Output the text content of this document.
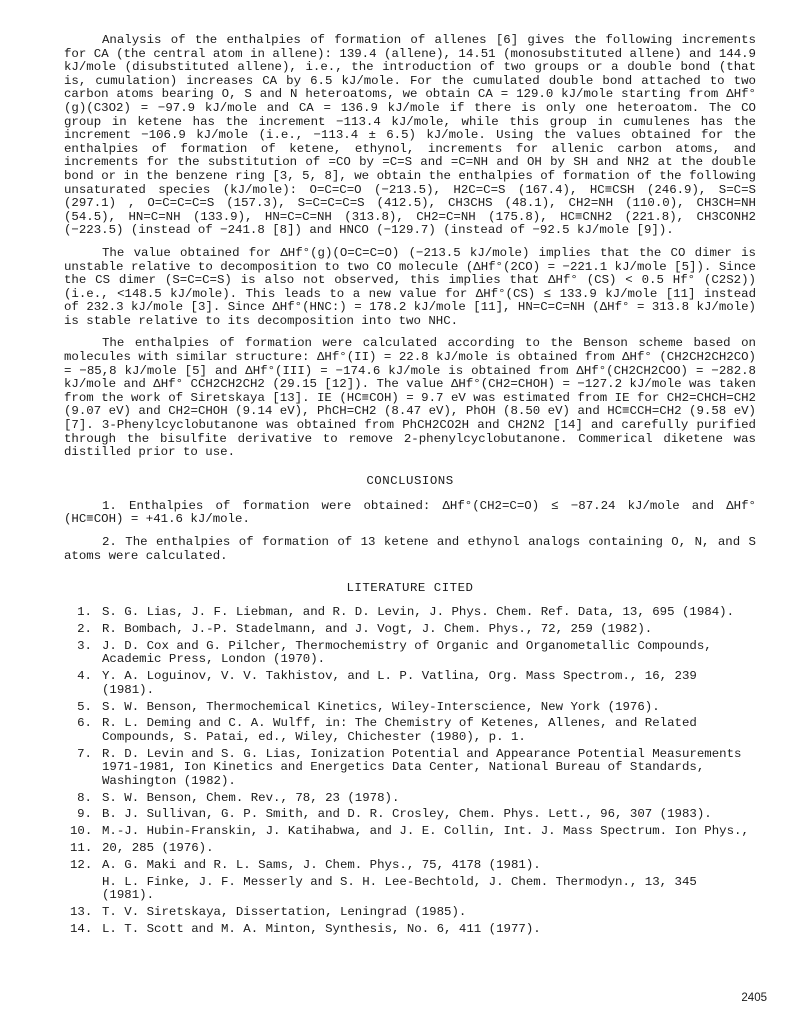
Analysis of the enthalpies of formation of allenes [6] gives the following increments for CA (the central atom in allene): 139.4 (allene), 14.51 (monosubstituted allene) and 144.9 kJ/mole (disubstituted allene), i.e., the introduction of two groups or a double bond (that is, cumulation) increases CA by 6.5 kJ/mole. For the cumulated double bond attached to two carbon atoms bearing O, S and N heteroatoms, we obtain CA = 129.0 kJ/mole starting from ΔHf°(g)(C3O2) = −97.9 kJ/mole and CA = 136.9 kJ/mole if there is only one heteroatom. The CO group in ketene has the increment −113.4 kJ/mole, while this group in cumulenes has the increment −106.9 kJ/mole (i.e., −113.4 ± 6.5) kJ/mole. Using the values obtained for the enthalpies of formation of ketene, ethynol, increments for allenic carbon atoms, and increments for the substitution of =CO by =C=S and =C=NH and OH by SH and NH2 at the double bond or in the benzene ring [3, 5, 8], we obtain the enthalpies of formation of the following unsaturated species (kJ/mole): O=C=C=O (−213.5), H2C=C=S (167.4), HC≡CSH (246.9), S=C=S (297.1) , O=C=C=C=S (157.3), S=C=C=C=S (412.5), CH3CHS (48.1), CH2=NH (110.0), CH3CH=NH (54.5), HN=C=NH (133.9), HN=C=C=NH (313.8), CH2=C=NH (175.8), HC≡CNH2 (221.8), CH3CONH2 (−223.5) (instead of −241.8 [8]) and HNCO (−129.7) (instead of −92.5 kJ/mole [9]).

The value obtained for ΔHf°(g)(O=C=C=O) (−213.5 kJ/mole) implies that the CO dimer is unstable relative to decomposition to two CO molecule (ΔHf°(2CO) = −221.1 kJ/mole [5]). Since the CS dimer (S=C=C=S) is also not observed, this implies that ΔHf° (CS) < 0.5 Hf° (C2S2)) (i.e., <148.5 kJ/mole). This leads to a new value for ΔHf°(CS) ≤ 133.9 kJ/mole [11] instead of 232.3 kJ/mole [3]. Since ΔHf°(HNC:) = 178.2 kJ/mole [11], HN=C=C=NH (ΔHf° = 313.8 kJ/mole) is stable relative to its decomposition into two NHC.

The enthalpies of formation were calculated according to the Benson scheme based on molecules with similar structure: ΔHf°(II) = 22.8 kJ/mole is obtained from ΔHf° (CH2CH2CH2CO) = −85,8 kJ/mole [5] and ΔHf°(III) = −174.6 kJ/mole is obtained from ΔHf°(CH2CH2COO) = −282.8 kJ/mole and ΔHf° CCH2CH2CH2 (29.15 [12]). The value ΔHf°(CH2=CHOH) = −127.2 kJ/mole was taken from the work of Siretskaya [13]. IE (HC≡COH) = 9.7 eV was estimated from IE for CH2=CHCH=CH2 (9.07 eV) and CH2=CHOH (9.14 eV), PhCH=CH2 (8.47 eV), PhOH (8.50 eV) and HC≡CCH=CH2 (9.58 eV) [7]. 3-Phenylcyclobutanone was obtained from PhCH2CO2H and CH2N2 [14] and carefully purified through the bisulfite derivative to remove 2-phenylcyclobutanone. Commerical diketene was distilled prior to use.

CONCLUSIONS

1. Enthalpies of formation were obtained: ΔHf°(CH2=C=O) ≤ −87.24 kJ/mole and ΔHf° (HC≡COH) = +41.6 kJ/mole.

2. The enthalpies of formation of 13 ketene and ethynol analogs containing O, N, and S atoms were calculated.

LITERATURE CITED
1. S. G. Lias, J. F. Liebman, and R. D. Levin, J. Phys. Chem. Ref. Data, 13, 695 (1984).
2. R. Bombach, J.-P. Stadelmann, and J. Vogt, J. Chem. Phys., 72, 259 (1982).
3. J. D. Cox and G. Pilcher, Thermochemistry of Organic and Organometallic Compounds, Academic Press, London (1970).
4. Y. A. Loguinov, V. V. Takhistov, and L. P. Vatlina, Org. Mass Spectrom., 16, 239 (1981).
5. S. W. Benson, Thermochemical Kinetics, Wiley-Interscience, New York (1976).
6. R. L. Deming and C. A. Wulff, in: The Chemistry of Ketenes, Allenes, and Related Compounds, S. Patai, ed., Wiley, Chichester (1980), p. 1.
7. R. D. Levin and S. G. Lias, Ionization Potential and Appearance Potential Measurements 1971-1981, Ion Kinetics and Energetics Data Center, National Bureau of Standards, Washington (1982).
8. S. W. Benson, Chem. Rev., 78, 23 (1978).
9. B. J. Sullivan, G. P. Smith, and D. R. Crosley, Chem. Phys. Lett., 96, 307 (1983).
10. M.-J. Hubin-Franskin, J. Katihabwa, and J. E. Collin, Int. J. Mass Spectrum. Ion Phys.,
11. 20, 285 (1976).
12. A. G. Maki and R. L. Sams, J. Chem. Phys., 75, 4178 (1981).
H. L. Finke, J. F. Messerly and S. H. Lee-Bechtold, J. Chem. Thermodyn., 13, 345 (1981).
13. T. V. Siretskaya, Dissertation, Leningrad (1985).
14. L. T. Scott and M. A. Minton, Synthesis, No. 6, 411 (1977).
2405
